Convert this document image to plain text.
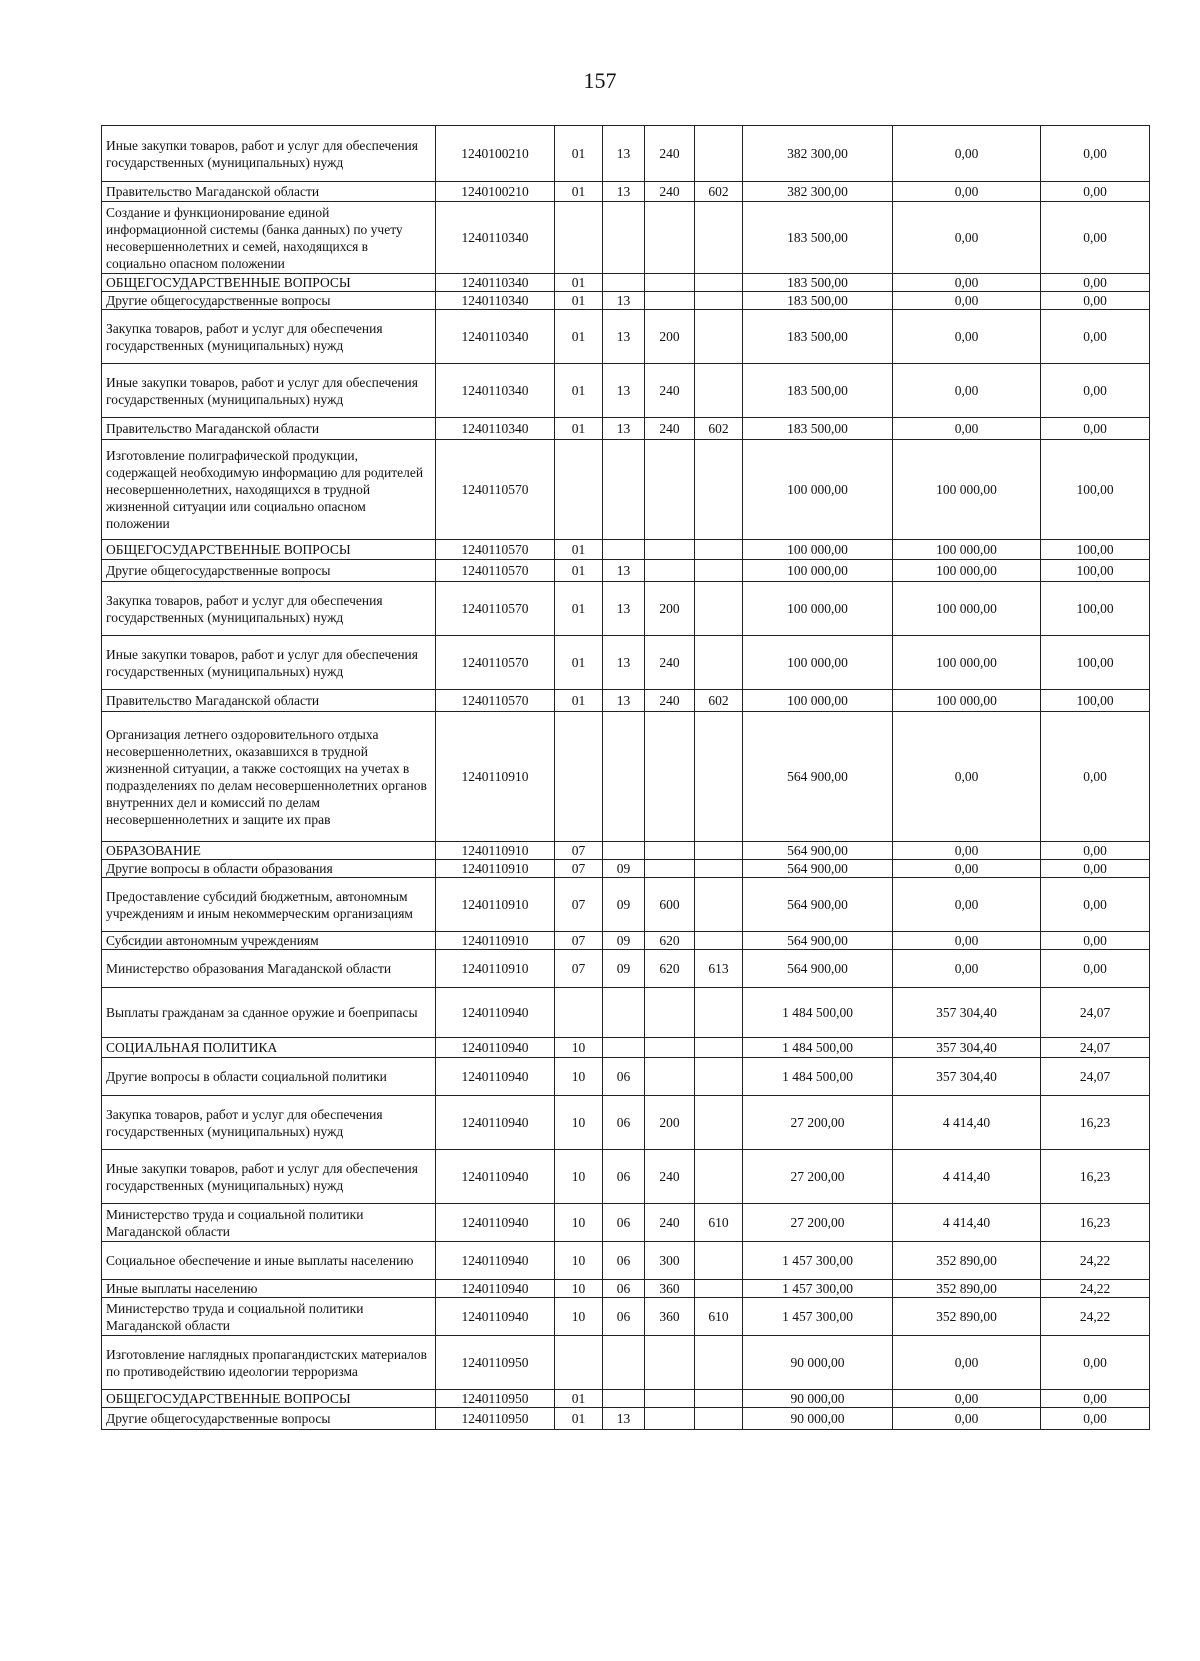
157
Иные закупки товаров, работ и услуг для обеспечения государственных (муниципальных) нужд	1240100210	01	13	240		382 300,00	0,00	0,00
Правительство Магаданской области	1240100210	01	13	240	602	382 300,00	0,00	0,00
Создание и функционирование единой информационной системы (банка данных) по учету несовершеннолетних и семей, находящихся в социально опасном положении	1240110340					183 500,00	0,00	0,00
ОБЩЕГОСУДАРСТВЕННЫЕ ВОПРОСЫ	1240110340	01				183 500,00	0,00	0,00
Другие общегосударственные вопросы	1240110340	01	13			183 500,00	0,00	0,00
Закупка товаров, работ и услуг для обеспечения государственных (муниципальных) нужд	1240110340	01	13	200		183 500,00	0,00	0,00
Иные закупки товаров, работ и услуг для обеспечения государственных (муниципальных) нужд	1240110340	01	13	240		183 500,00	0,00	0,00
Правительство Магаданской области	1240110340	01	13	240	602	183 500,00	0,00	0,00
Изготовление полиграфической продукции, содержащей необходимую информацию для родителей несовершеннолетних, находящихся в трудной жизненной ситуации или социально опасном положении	1240110570					100 000,00	100 000,00	100,00
ОБЩЕГОСУДАРСТВЕННЫЕ ВОПРОСЫ	1240110570	01				100 000,00	100 000,00	100,00
Другие общегосударственные вопросы	1240110570	01	13			100 000,00	100 000,00	100,00
Закупка товаров, работ и услуг для обеспечения государственных (муниципальных) нужд	1240110570	01	13	200		100 000,00	100 000,00	100,00
Иные закупки товаров, работ и услуг для обеспечения государственных (муниципальных) нужд	1240110570	01	13	240		100 000,00	100 000,00	100,00
Правительство Магаданской области	1240110570	01	13	240	602	100 000,00	100 000,00	100,00
Организация летнего оздоровительного отдыха несовершеннолетних, оказавшихся в трудной жизненной ситуации, а также состоящих на учетах в подразделениях по делам несовершеннолетних органов внутренних дел и комиссий по делам несовершеннолетних и защите их прав	1240110910					564 900,00	0,00	0,00
ОБРАЗОВАНИЕ	1240110910	07				564 900,00	0,00	0,00
Другие вопросы в области образования	1240110910	07	09			564 900,00	0,00	0,00
Предоставление субсидий бюджетным, автономным учреждениям и иным некоммерческим организациям	1240110910	07	09	600		564 900,00	0,00	0,00
Субсидии автономным учреждениям	1240110910	07	09	620		564 900,00	0,00	0,00
Министерство образования Магаданской области	1240110910	07	09	620	613	564 900,00	0,00	0,00
Выплаты гражданам за сданное оружие и боеприпасы	1240110940					1 484 500,00	357 304,40	24,07
СОЦИАЛЬНАЯ ПОЛИТИКА	1240110940	10				1 484 500,00	357 304,40	24,07
Другие вопросы в области социальной политики	1240110940	10	06			1 484 500,00	357 304,40	24,07
Закупка товаров, работ и услуг для обеспечения государственных (муниципальных) нужд	1240110940	10	06	200		27 200,00	4 414,40	16,23
Иные закупки товаров, работ и услуг для обеспечения государственных (муниципальных) нужд	1240110940	10	06	240		27 200,00	4 414,40	16,23
Министерство труда и социальной политики Магаданской области	1240110940	10	06	240	610	27 200,00	4 414,40	16,23
Социальное обеспечение и иные выплаты населению	1240110940	10	06	300		1 457 300,00	352 890,00	24,22
Иные выплаты населению	1240110940	10	06	360		1 457 300,00	352 890,00	24,22
Министерство труда и социальной политики Магаданской области	1240110940	10	06	360	610	1 457 300,00	352 890,00	24,22
Изготовление наглядных пропагандистских материалов по противодействию идеологии терроризма	1240110950					90 000,00	0,00	0,00
ОБЩЕГОСУДАРСТВЕННЫЕ ВОПРОСЫ	1240110950	01				90 000,00	0,00	0,00
Другие общегосударственные вопросы	1240110950	01	13			90 000,00	0,00	0,00
